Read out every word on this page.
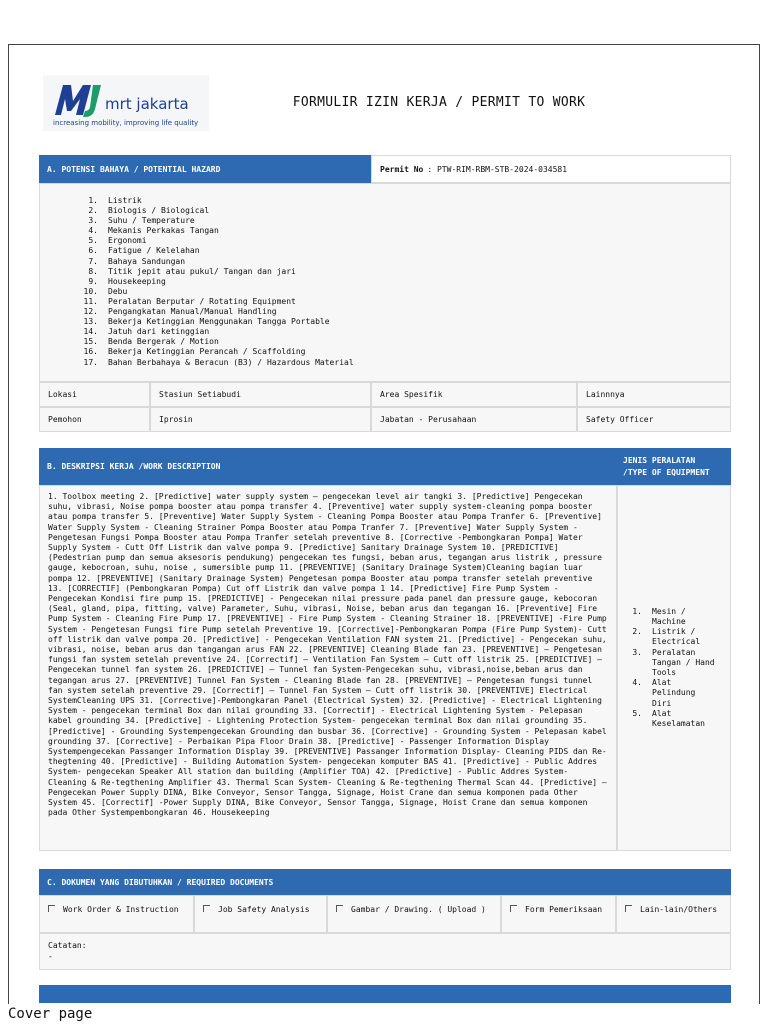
mrt jakarta
increasing mobility, improving life quality
FORMULIR IZIN KERJA / PERMIT TO WORK
A. POTENSI BAHAYA / POTENTIAL HAZARD	Permit No : PTW-RIM-RBM-STB-2024-034581
1.	Listrik
2.	Biologis / Biological
3.	Suhu / Temperature
4.	Mekanis Perkakas Tangan
5.	Ergonomi
6.	Fatigue / Kelelahan
7.	Bahaya Sandungan
8.	Titik jepit atau pukul/ Tangan dan jari
9.	Housekeeping
10.	Debu
11.	Peralatan Berputar / Rotating Equipment
12.	Pengangkatan Manual/Manual Handling
13.	Bekerja Ketinggian Menggunakan Tangga Portable
14.	Jatuh dari ketinggian
15.	Benda Bergerak / Motion
16.	Bekerja Ketinggian Perancah / Scaffolding
17.	Bahan Berbahaya & Beracun (B3) / Hazardous Material
Lokasi	Stasiun Setiabudi	Area Spesifik	Lainnnya
Pemohon	Iprosin	Jabatan - Perusahaan	Safety Officer
B. DESKRIPSI KERJA /WORK DESCRIPTION
JENIS PERALATAN
/TYPE OF EQUIPMENT
1. Toolbox meeting 2. [Predictive] water supply system – pengecekan level air tangki 3. [Predictive] Pengecekan suhu, vibrasi, Noise pompa booster atau pompa transfer 4. [Preventive] water supply system-cleaning pompa booster atau pompa transfer 5. [Preventive] Water Supply System - Cleaning Pompa Booster atau Pompa Tranfer 6. [Preventive] Water Supply System - Cleaning Strainer Pompa Booster atau Pompa Tranfer 7. [Preventive] Water Supply System - Pengetesan Fungsi Pompa Booster atau Pompa Tranfer setelah preventive 8. [Corrective -Pembongkaran Pompa] Water Supply System - Cutt Off Listrik dan valve pompa 9. [Predictive] Sanitary Drainage System 10. [PREDICTIVE] (Pedestrian pump dan semua aksesoris pendukung) pengecekan tes fungsi, beban arus, tegangan arus listrik , pressure gauge, kebocroan, suhu, noise , sumersible pump 11. [PREVENTIVE] (Sanitary Drainage System)Cleaning bagian luar pompa 12. [PREVENTIVE] (Sanitary Drainage System) Pengetesan pompa Booster atau pompa transfer setelah preventive 13. [CORRECTIF] (Pembongkaran Pompa) Cut off Listrik dan valve pompa 1 14. [Predictive] Fire Pump System - Pengecekan Kondisi fire pump 15. [PREDICTIVE] - Pengecekan nilai pressure pada panel dan pressure gauge, kebocoran (Seal, gland, pipa, fitting, valve) Parameter, Suhu, vibrasi, Noise, beban arus dan tegangan 16. [Preventive] Fire Pump System - Cleaning Fire Pump 17. [PREVENTIVE] - Fire Pump System - Cleaning Strainer 18. [PREVENTIVE] -Fire Pump System - Pengetesan Fungsi fire Pump setelah Preventive 19. [Corrective]-Pembongkaran Pompa (Fire Pump System)- Cutt off listrik dan valve pompa 20. [Predictive] - Pengecekan Ventilation FAN system 21. [Predictive] - Pengecekan suhu, vibrasi, noise, beban arus dan tangangan arus FAN 22. [PREVENTIVE] Cleaning Blade fan 23. [PREVENTIVE] – Pengetesan fungsi fan system setelah preventive 24. [Correctif] – Ventilation Fan System – Cutt off listrik 25. [PREDICTIVE] – Pengecekan tunnel fan system 26. [PREDICTIVE] – Tunnel fan System-Pengecekan suhu, vibrasi,noise,beban arus dan tegangan arus 27. [PREVENTIVE] Tunnel Fan System - Cleaning Blade fan 28. [PREVENTIVE] – Pengetesan fungsi tunnel fan system setelah preventive 29. [Correctif] – Tunnel Fan System – Cutt off listrik 30. [PREVENTIVE] Electrical SystemCleaning UPS 31. [Corrective]-Pembongkaran Panel (Electrical System) 32. [Predictive] - Electrical Lightening System - pengecekan terminal Box dan nilai grounding 33. [Correctif] - Electrical Lightening System - Pelepasan kabel grounding 34. [Predictive] - Lightening Protection System- pengecekan terminal Box dan nilai grounding 35. [Predictive] - Grounding Systempengecekan Grounding dan busbar 36. [Corrective] - Grounding System - Pelepasan kabel grounding 37. [Corrective] - Perbaikan Pipa Floor Drain 38. [Predictive] - Passenger Information Display Systempengecekan Passanger Information Display 39. [PREVENTIVE] Passanger Information Display- Cleaning PIDS dan Re-thegtening 40. [Predictive] - Building Automation System- pengecekan komputer BAS 41. [Predictive] - Public Addres System- pengecekan Speaker All station dan building (Amplifier TOA) 42. [Predictive] - Public Addres System- Cleaning & Re-tegthening Amplifier 43. Thermal Scan System- Cleaning & Re-tegthening Thermal Scan 44. [Predictive] – Pengecekan Power Supply DINA, Bike Conveyor, Sensor Tangga, Signage, Hoist Crane dan semua komponen pada Other System 45. [Correctif] -Power Supply DINA, Bike Conveyor, Sensor Tangga, Signage, Hoist Crane dan semua komponen pada Other Systempembongkaran 46. Housekeeping
1.	Mesin / Machine
2.	Listrik / Electrical
3.	Peralatan Tangan / Hand Tools
4.	Alat Pelindung Diri
5.	Alat Keselamatan
C. DOKUMEN YANG DIBUTUHKAN / REQUIRED DOCUMENTS
Work Order & Instruction	Job Safety Analysis	Gambar / Drawing. ( Upload )	Form Pemeriksaan	Lain-lain/Others
Catatan:
-
Cover page
